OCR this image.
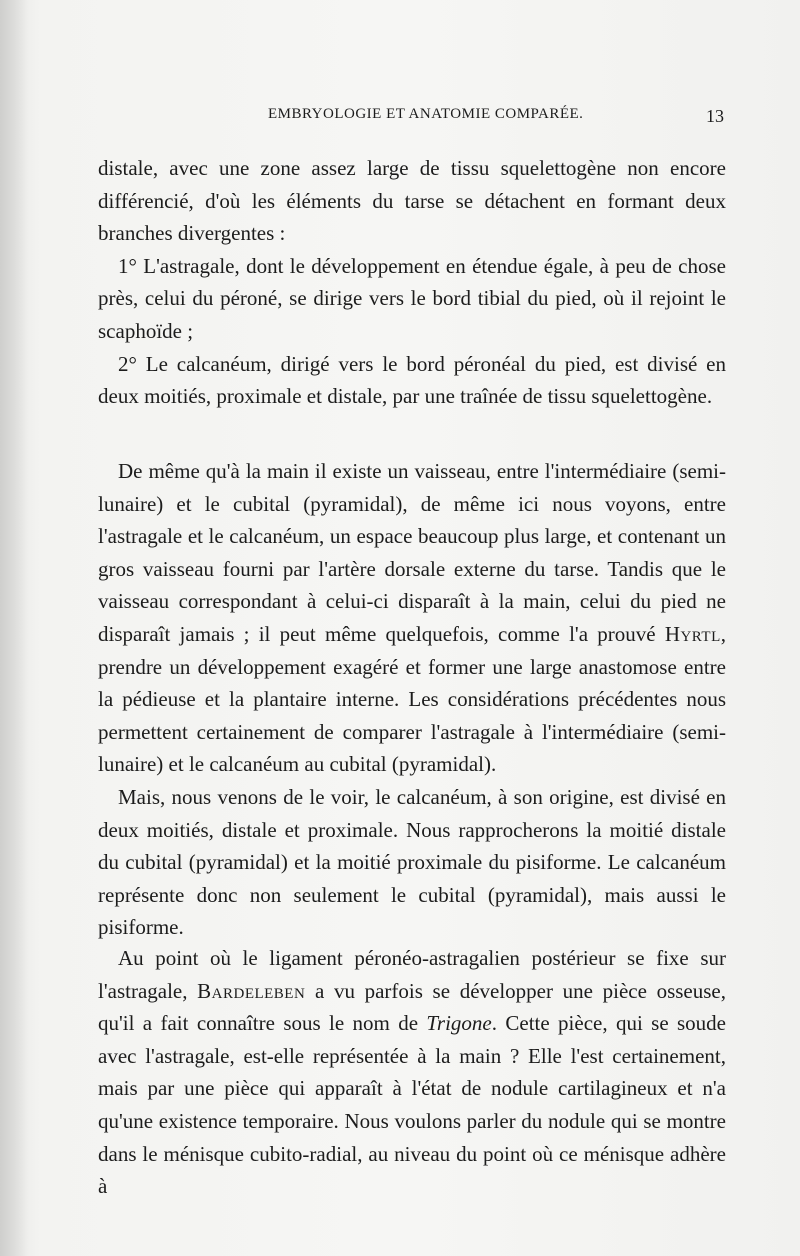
EMBRYOLOGIE ET ANATOMIE COMPARÉE.	13

distale, avec une zone assez large de tissu squelettogène non encore différencié, d'où les éléments du tarse se détachent en formant deux branches divergentes :

1° L'astragale, dont le développement en étendue égale, à peu de chose près, celui du péroné, se dirige vers le bord tibial du pied, où il rejoint le scaphoïde ;

2° Le calcanéum, dirigé vers le bord péronéal du pied, est divisé en deux moitiés, proximale et distale, par une traînée de tissu squelettogène.

De même qu'à la main il existe un vaisseau, entre l'intermédiaire (semi-lunaire) et le cubital (pyramidal), de même ici nous voyons, entre l'astragale et le calcanéum, un espace beaucoup plus large, et contenant un gros vaisseau fourni par l'artère dorsale externe du tarse. Tandis que le vaisseau correspondant à celui-ci disparaît à la main, celui du pied ne disparaît jamais ; il peut même quelquefois, comme l'a prouvé Hyrtl, prendre un développement exagéré et former une large anastomose entre la pédieuse et la plantaire interne. Les considérations précédentes nous permettent certainement de comparer l'astragale à l'intermédiaire (semi-lunaire) et le calcanéum au cubital (pyramidal).

Mais, nous venons de le voir, le calcanéum, à son origine, est divisé en deux moitiés, distale et proximale. Nous rapprocherons la moitié distale du cubital (pyramidal) et la moitié proximale du pisiforme. Le calcanéum représente donc non seulement le cubital (pyramidal), mais aussi le pisiforme.

Au point où le ligament péronéo-astragalien postérieur se fixe sur l'astragale, Bardeleben a vu parfois se développer une pièce osseuse, qu'il a fait connaître sous le nom de Trigone. Cette pièce, qui se soude avec l'astragale, est-elle représentée à la main ? Elle l'est certainement, mais par une pièce qui apparaît à l'état de nodule cartilagineux et n'a qu'une existence temporaire. Nous voulons parler du nodule qui se montre dans le ménisque cubito-radial, au niveau du point où ce ménisque adhère à
